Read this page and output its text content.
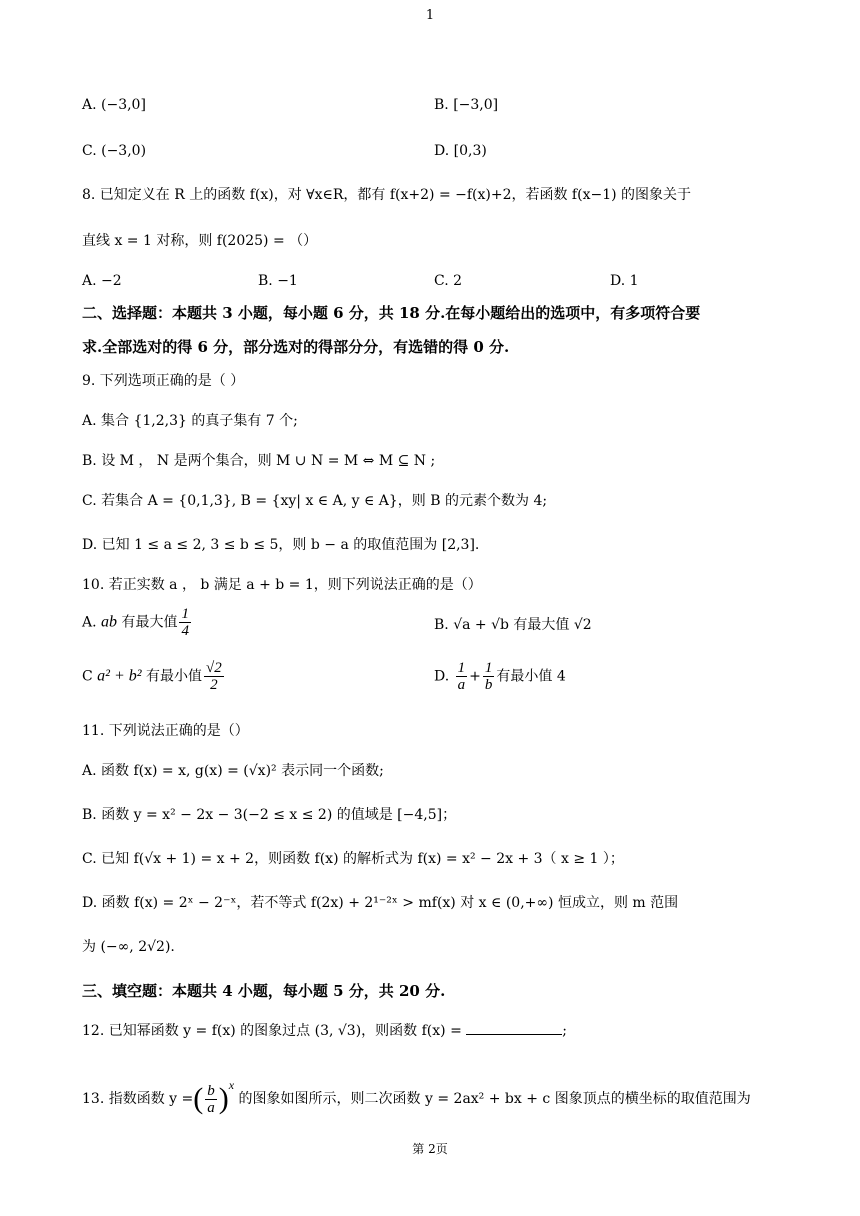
1
A. (−3,0]	B. [−3,0]
C. (−3,0)	D. [0,3)
8. 已知定义在 R 上的函数 f(x)，对 ∀x∈R，都有 f(x+2) = −f(x)+2，若函数 f(x−1) 的图象关于
直线 x = 1 对称，则 f(2025) = （）
A. −2	B. −1	C. 2	D. 1
二、选择题：本题共 3 小题，每小题 6 分，共 18 分.在每小题给出的选项中，有多项符合要
求.全部选对的得 6 分，部分选对的得部分分，有选错的得 0 分.
9. 下列选项正确的是（ ）
A. 集合 {1,2,3} 的真子集有 7 个;
B. 设 M ， N 是两个集合，则 M ∪ N = M ⇔ M ⊆ N ;
C. 若集合 A = {0,1,3}, B = {xy| x ∈ A, y ∈ A}，则 B 的元素个数为 4;
D. 已知 1 ≤ a ≤ 2, 3 ≤ b ≤ 5，则 b − a 的取值范围为 [2,3].
10. 若正实数 a ， b 满足 a + b = 1，则下列说法正确的是（）
A. ab 有最大值 $\frac{1}{4}$	B. √a + √b 有最大值 √2
C a² + b² 有最小值 $\frac{√2}{2}$	D. $\frac{1}{a} + \frac{1}{b}$ 有最小值 4
11. 下列说法正确的是（）
A. 函数 f(x) = x, g(x) = (√x)² 表示同一个函数;
B. 函数 y = x² − 2x − 3(−2 ≤ x ≤ 2) 的值域是 [−4,5]；
C. 已知 f(√x + 1) = x + 2，则函数 f(x) 的解析式为 f(x) = x² − 2x + 3（ x ≥ 1 ）；
D. 函数 f(x) = 2ˣ − 2⁻ˣ，若不等式 f(2x) + 2¹⁻²ˣ > mf(x) 对 x ∈ (0,+∞) 恒成立，则 m 范围
为 (−∞, 2√2).
三、填空题：本题共 4 小题，每小题 5 分，共 20 分.
12. 已知幂函数 y = f(x) 的图象过点 (3, √3)，则函数 f(x) =	;
13. 指数函数 y =( $\frac{b}{a} )^x$ 的图象如图所示，则二次函数 y = 2ax² + bx + c 图象顶点的横坐标的取值范围为
第 2页
